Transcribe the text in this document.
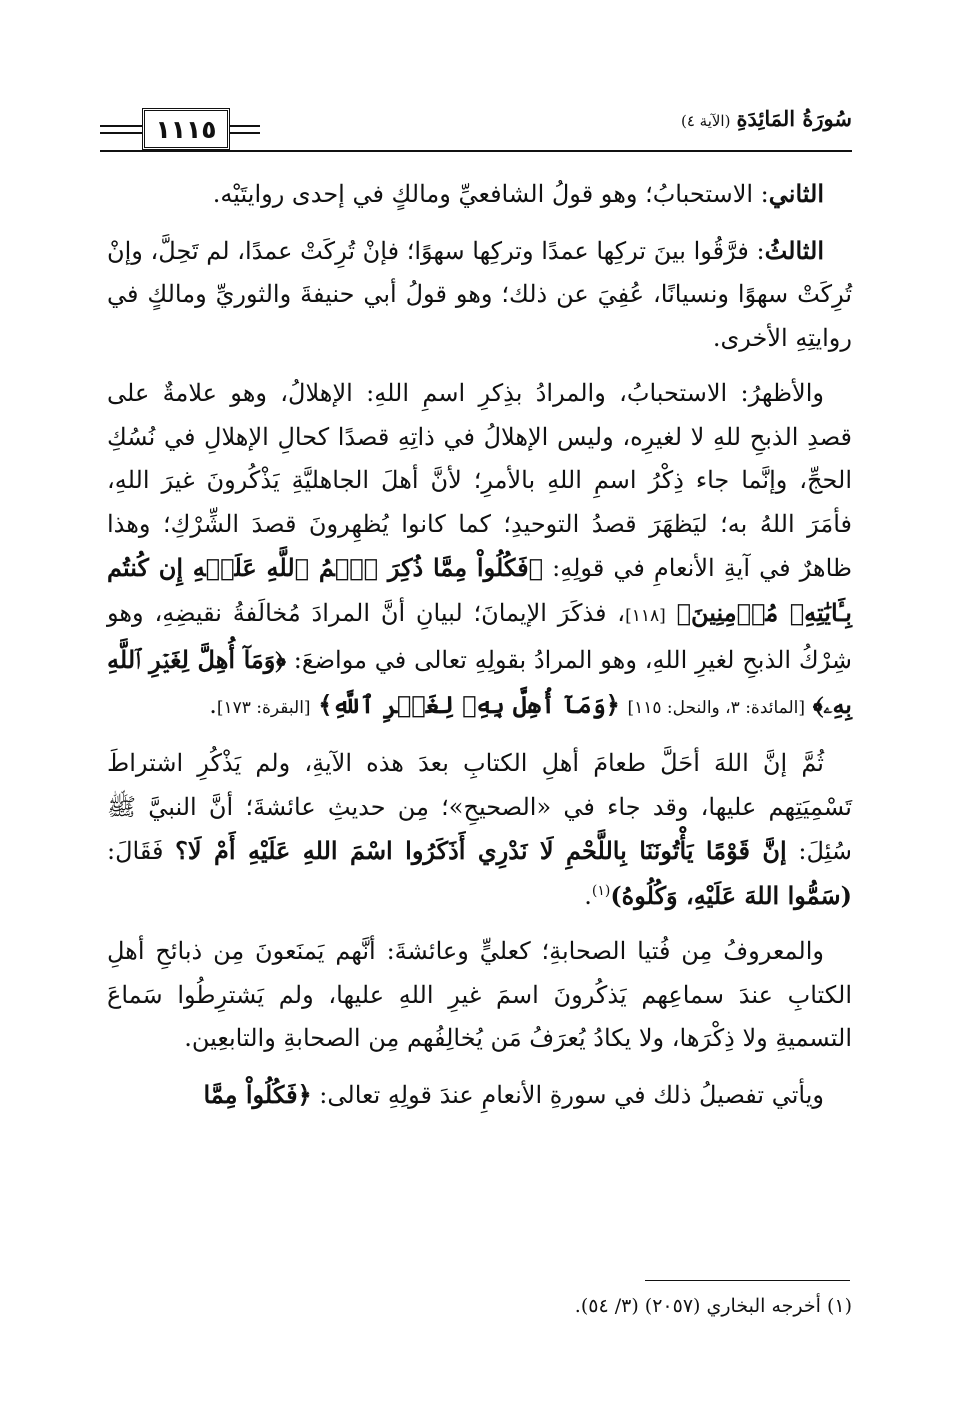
١١١٥	سُورَةُ المَائِدَةِ(الآية ٤)

الثاني: الاستحبابُ؛ وهو قولُ الشافعيِّ ومالكٍ في إحدى روايتَيْه.

الثالثُ: فرَّقُوا بينَ تركِها عمدًا وتركِها سهوًا؛ فإنْ تُرِكَتْ عمدًا، لم تَحِلَّ، وإنْ تُرِكَتْ سهوًا ونسيانًا، عُفِيَ عن ذلك؛ وهو قولُ أبي حنيفةَ والثوريِّ ومالكٍ في روايتِهِ الأخرى.

والأظهرُ: الاستحبابُ، والمرادُ بذِكرِ اسمِ اللهِ: الإهلالُ، وهو علامةٌ على قصدِ الذبحِ للهِ لا لغيرِه، وليس الإهلالُ في ذاتِهِ قصدًا كحالِ الإهلالِ في نُسُكِ الحجِّ، وإنَّما جاء ذِكْرُ اسمِ اللهِ بالأمرِ؛ لأنَّ أهلَ الجاهليَّةِ يَذْكُرونَ غيرَ اللهِ، فأمَرَ اللهُ به؛ ليَظهَرَ قصدُ التوحيدِ؛ كما كانوا يُظهِرونَ قصدَ الشِّرْكِ؛ وهذا ظاهرٌ في آيةِ الأنعامِ في قولِهِ: ﴿فَكُلُواْ مِمَّا ذُكِرَ ٱسۡمُ ٱللَّهِ عَلَيۡهِ إِن كُنتُم بِـَٔايَٰتِهِۦ مُؤۡمِنِينَ﴾ [١١٨]، فذكَرَ الإيمانَ؛ لبيانِ أنَّ المرادَ مُخالَفةُ نقيضِهِ، وهو شِرْكُ الذبحِ لغيرِ اللهِ، وهو المرادُ بقولِهِ تعالى في مواضعَ: ﴿وَمَآ أُهِلَّ لِغَيۡرِ ٱللَّهِ بِهِۦ﴾ [المائدة: ٣، والنحل: ١١٥] ﴿وَمَآ أُهِلَّ بِهِۦ لِغَيۡرِ ٱللَّهِ﴾ [البقرة: ١٧٣].

ثُمَّ إنَّ اللهَ أحَلَّ طعامَ أهلِ الكتابِ بعدَ هذه الآيةِ، ولم يَذْكُرِ اشتراطَ تَسْمِيَتِهم عليها، وقد جاء في «الصحيحِ»؛ مِن حديثِ عائشةَ؛ أنَّ النبيَّ ﷺ سُئِلَ: إنَّ قَوْمًا يَأْتُونَنَا بِاللَّحْمِ لَا نَدْرِي أَذَكَرُوا اسْمَ اللهِ عَلَيْهِ أَمْ لَا؟ فَقَالَ: (سَمُّوا اللهَ عَلَيْهِ، وَكُلُوهُ)$^{(١)}$.

والمعروفُ مِن فُتيا الصحابةِ؛ كعليٍّ وعائشةَ: أنَّهم يَمنَعونَ مِن ذبائحِ أهلِ الكتابِ عندَ سماعِهم يَذكُرونَ اسمَ غيرِ اللهِ عليها، ولم يَشترِطُوا سَماعَ التسميةِ ولا ذِكْرَها، ولا يكادُ يُعرَفُ مَن يُخالِفُهم مِن الصحابةِ والتابعِين.

ويأتي تفصيلُ ذلك في سورةِ الأنعامِ عندَ قولِهِ تعالى: ﴿فَكُلُواْ مِمَّا

(١) أخرجه البخاري (٢٠٥٧) (٣/ ٥٤).
